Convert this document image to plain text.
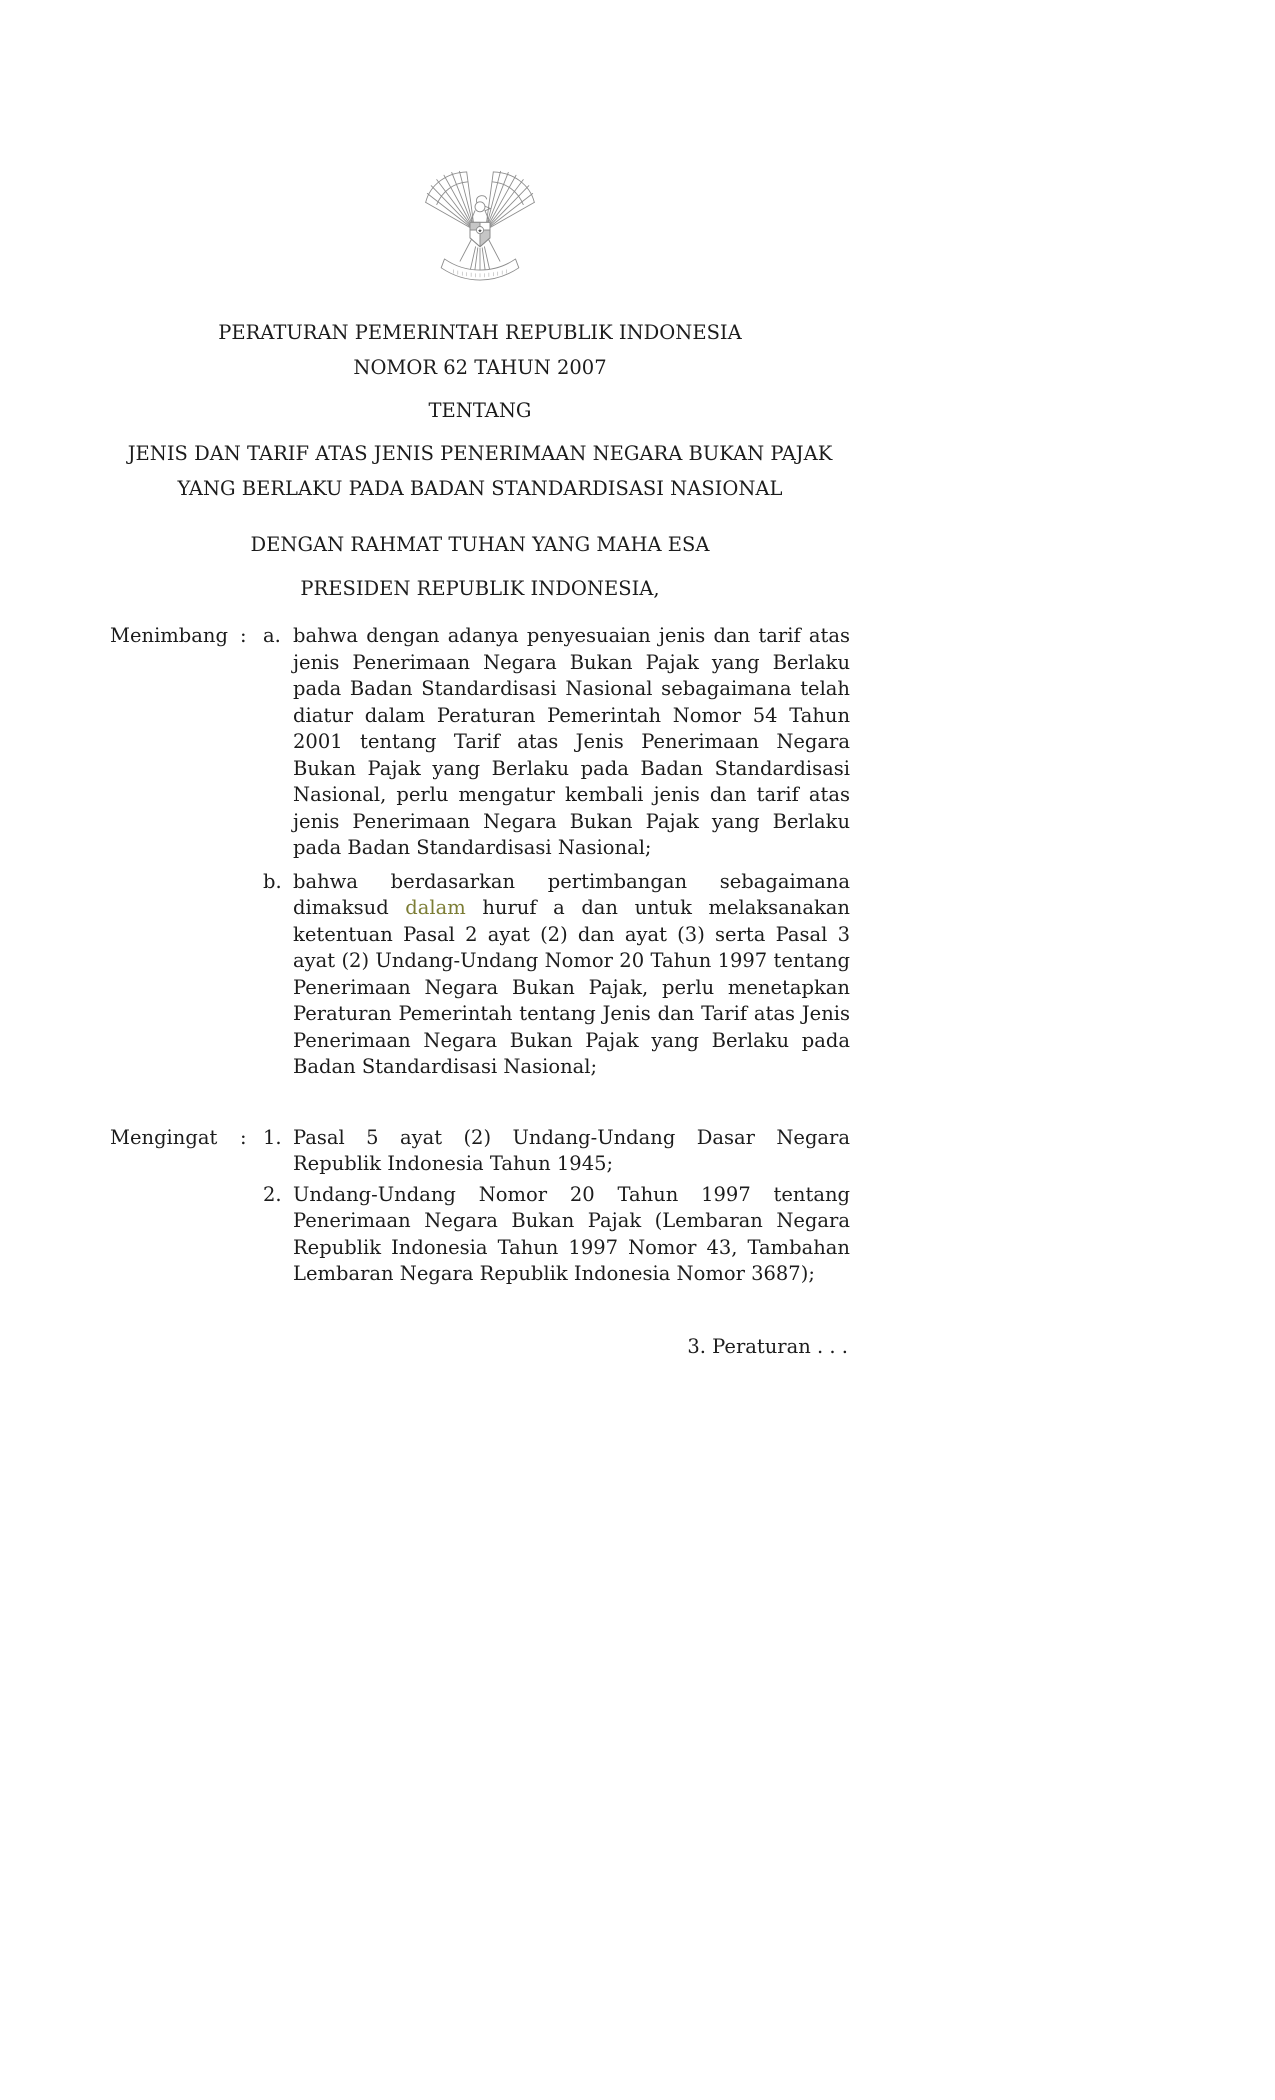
★
PERATURAN PEMERINTAH REPUBLIK INDONESIA
NOMOR 62 TAHUN 2007
TENTANG
JENIS DAN TARIF ATAS JENIS PENERIMAAN NEGARA BUKAN PAJAK
YANG BERLAKU PADA BADAN STANDARDISASI NASIONAL
DENGAN RAHMAT TUHAN YANG MAHA ESA
PRESIDEN REPUBLIK INDONESIA,
Menimbang : a. bahwa dengan adanya penyesuaian jenis dan tarif atas jenis Penerimaan Negara Bukan Pajak yang Berlaku pada Badan Standardisasi Nasional sebagaimana telah diatur dalam Peraturan Pemerintah Nomor 54 Tahun 2001 tentang Tarif atas Jenis Penerimaan Negara Bukan Pajak yang Berlaku pada Badan Standardisasi Nasional, perlu mengatur kembali jenis dan tarif atas jenis Penerimaan Negara Bukan Pajak yang Berlaku pada Badan Standardisasi Nasional;
b. bahwa berdasarkan pertimbangan sebagaimana dimaksud dalam huruf a dan untuk melaksanakan ketentuan Pasal 2 ayat (2) dan ayat (3) serta Pasal 3 ayat (2) Undang-Undang Nomor 20 Tahun 1997 tentang Penerimaan Negara Bukan Pajak, perlu menetapkan Peraturan Pemerintah tentang Jenis dan Tarif atas Jenis Penerimaan Negara Bukan Pajak yang Berlaku pada Badan Standardisasi Nasional;
Mengingat	: 1. Pasal 5 ayat (2) Undang-Undang Dasar Negara Republik Indonesia Tahun 1945;
2. Undang-Undang Nomor 20 Tahun 1997 tentang Penerimaan Negara Bukan Pajak (Lembaran Negara Republik Indonesia Tahun 1997 Nomor 43, Tambahan Lembaran Negara Republik Indonesia Nomor 3687);
3. Peraturan . . .
